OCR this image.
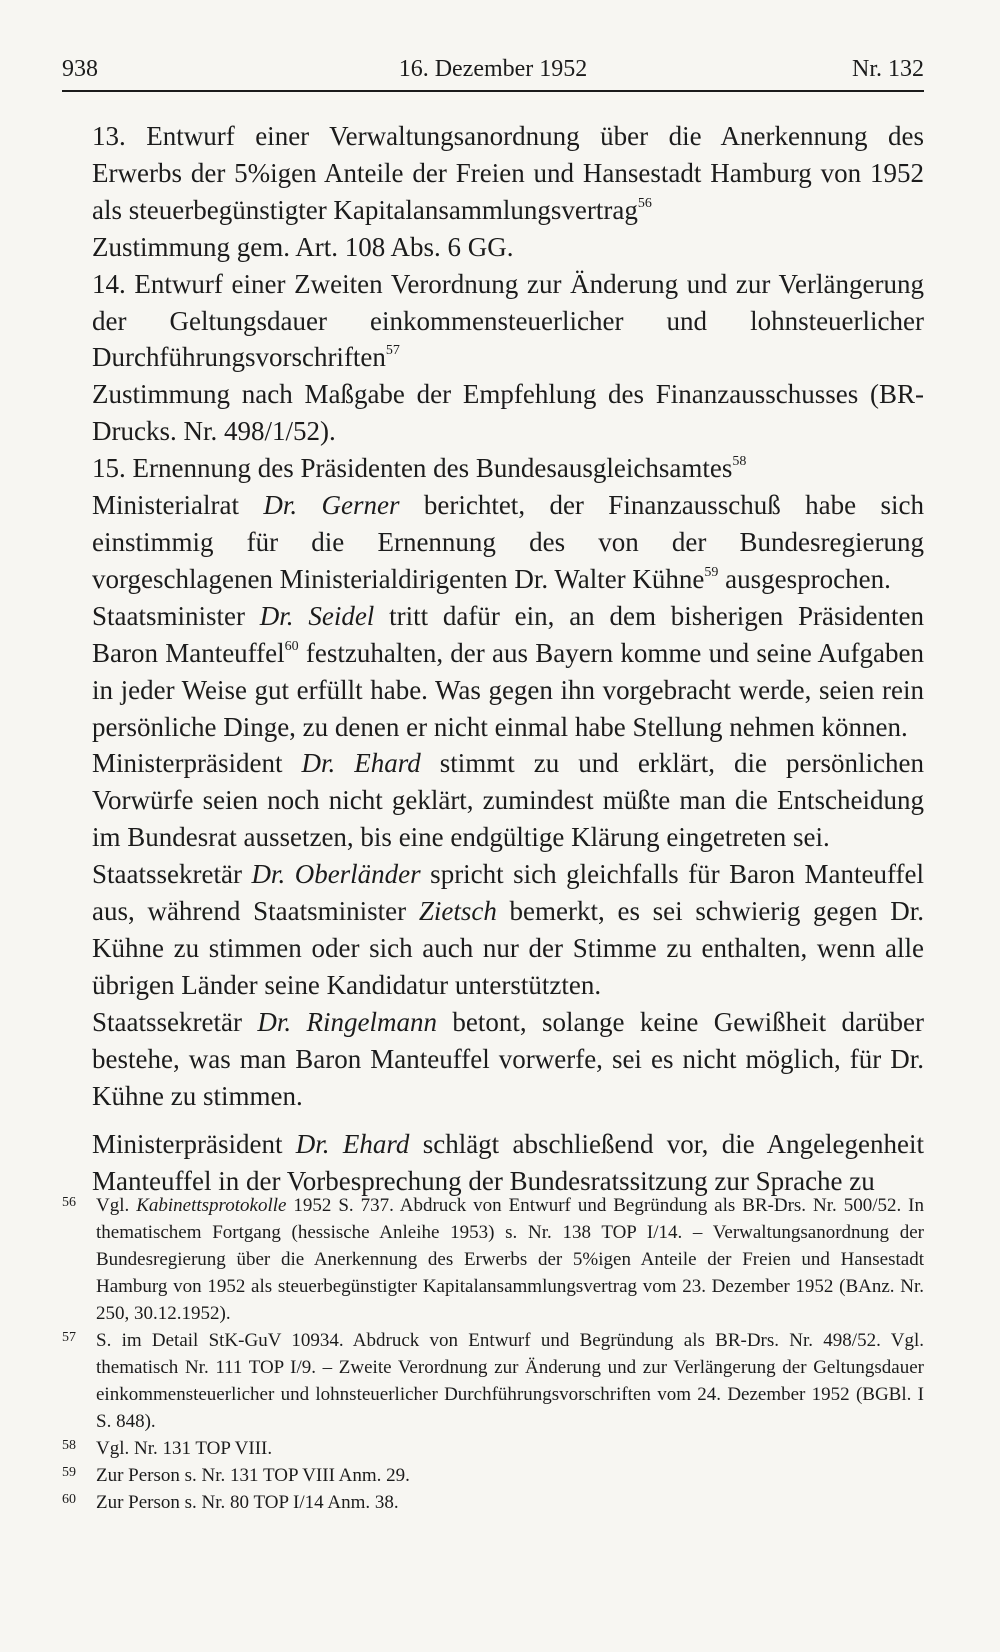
938	16. Dezember 1952	Nr. 132

13. Entwurf einer Verwaltungsanordnung über die Anerkennung des Erwerbs der 5%igen Anteile der Freien und Hansestadt Hamburg von 1952 als steuerbegünstigter Kapitalansammlungsvertrag$^{56}$

Zustimmung gem. Art. 108 Abs. 6 GG.

14. Entwurf einer Zweiten Verordnung zur Änderung und zur Verlängerung der Geltungsdauer einkommensteuerlicher und lohnsteuerlicher Durchführungsvorschriften$^{57}$

Zustimmung nach Maßgabe der Empfehlung des Finanzausschusses (BR-Drucks. Nr. 498/1/52).

15. Ernennung des Präsidenten des Bundesausgleichsamtes$^{58}$

Ministerialrat Dr. Gerner berichtet, der Finanzausschuß habe sich einstimmig für die Ernennung des von der Bundesregierung vorgeschlagenen Ministerialdirigenten Dr. Walter Kühne$^{59}$ ausgesprochen.

Staatsminister Dr. Seidel tritt dafür ein, an dem bisherigen Präsidenten Baron Manteuffel$^{60}$ festzuhalten, der aus Bayern komme und seine Aufgaben in jeder Weise gut erfüllt habe. Was gegen ihn vorgebracht werde, seien rein persönliche Dinge, zu denen er nicht einmal habe Stellung nehmen können.

Ministerpräsident Dr. Ehard stimmt zu und erklärt, die persönlichen Vorwürfe seien noch nicht geklärt, zumindest müßte man die Entscheidung im Bundesrat aussetzen, bis eine endgültige Klärung eingetreten sei.

Staatssekretär Dr. Oberländer spricht sich gleichfalls für Baron Manteuffel aus, während Staatsminister Zietsch bemerkt, es sei schwierig gegen Dr. Kühne zu stimmen oder sich auch nur der Stimme zu enthalten, wenn alle übrigen Länder seine Kandidatur unterstützten.

Staatssekretär Dr. Ringelmann betont, solange keine Gewißheit darüber bestehe, was man Baron Manteuffel vorwerfe, sei es nicht möglich, für Dr. Kühne zu stimmen.

Ministerpräsident Dr. Ehard schlägt abschließend vor, die Angelegenheit Manteuffel in der Vorbesprechung der Bundesratssitzung zur Sprache zu

56 Vgl. Kabinettsprotokolle 1952 S. 737. Abdruck von Entwurf und Begründung als BR-Drs. Nr. 500/52. In thematischem Fortgang (hessische Anleihe 1953) s. Nr. 138 TOP I/14. – Verwaltungsanordnung der Bundesregierung über die Anerkennung des Erwerbs der 5%igen Anteile der Freien und Hansestadt Hamburg von 1952 als steuerbegünstigter Kapitalansammlungsvertrag vom 23. Dezember 1952 (BAnz. Nr. 250, 30.12.1952).
57 S. im Detail StK-GuV 10934. Abdruck von Entwurf und Begründung als BR-Drs. Nr. 498/52. Vgl. thematisch Nr. 111 TOP I/9. – Zweite Verordnung zur Änderung und zur Verlängerung der Geltungsdauer einkommensteuerlicher und lohnsteuerlicher Durchführungsvorschriften vom 24. Dezember 1952 (BGBl. I S. 848).
58 Vgl. Nr. 131 TOP VIII.
59 Zur Person s. Nr. 131 TOP VIII Anm. 29.
60 Zur Person s. Nr. 80 TOP I/14 Anm. 38.
